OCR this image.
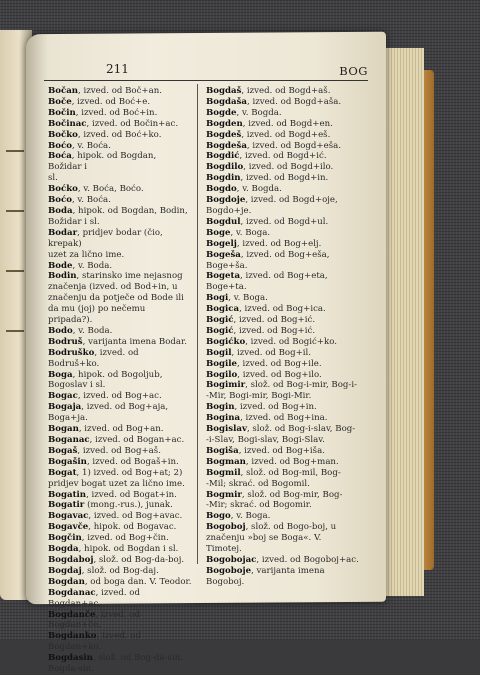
211	BOG
Bočan, izved. od Boč+an.
Boče, izved. od Boć+e.
Bočin, izved. od Boć+in.
Bočinac, izved. od Bočin+ac.
Bočko, izved. od Boć+ko.
Boćo, v. Boća.
Boća, hipok. od Bogdan, Božidar i
sl.
Boćko, v. Boća, Boćo.
Boćo, v. Boća.
Boda, hipok. od Bogdan, Bodin,
Božidar i sl.
Bodar, pridjev bodar (čio, krepak)
uzet za lično ime.
Bode, v. Boda.
Bodin, starinsko ime nejasnog
značenja (izved. od Bod+in, u
značenju da potječe od Bode ili
da mu (joj) po nečemu pripada?).
Bodo, v. Boda.
Bodruš, varijanta imena Bodar.
Bodruško, izved. od Bodruš+ko.
Boga, hipok. od Bogoljub,
Bogoslav i sl.
Bogac, izved. od Bog+ac.
Bogaja, izved. od Bog+aja,
Boga+ja.
Bogan, izved. od Bog+an.
Boganac, izved. od Bogan+ac.
Bogaš, izved. od Bog+aš.
Bogašin, izved. od Bogaš+in.
Bogat, 1) izved. od Bog+at; 2)
pridjev bogat uzet za lično ime.
Bogatin, izved. od Bogat+in.
Bogatir (mong.-rus.), junak.
Bogavac, izved. od Bog+avac.
Bogavče, hipok. od Bogavac.
Bogčin, izved. od Bog+čin.
Bogda, hipok. od Bogdan i sl.
Bogdaboj, slož. od Bog-da-boj.
Bogdaj, slož. od Bog-daj.
Bogdan, od boga dan. V. Teodor.
Bogdanac, izved. od Bogdan+ac.
Bogdanče, izved. od Bogdan+če.
Bogdanko, izved. od Bogdan+ko.
Bogdasin, slož. od Bog-da-sin,
Bogda-sin.
Bogdaš, izved. od Bogd+aš.
Bogdaša, izved. od Bogd+aša.
Bogde, v. Bogda.
Bogden, izved. od Bogd+en.
Bogdeš, izved. od Bogd+eš.
Bogdeša, izved. od Bogd+eša.
Bogdić, izved. od Bogd+ić.
Bogdilo, izved. od Bogd+ilo.
Bogdin, izved. od Bogd+in.
Bogdo, v. Bogda.
Bogdoje, izved. od Bogd+oje,
Bogdo+je.
Bogdul, izved. od Bogd+ul.
Boge, v. Boga.
Bogelj, izved. od Bog+elj.
Bogeša, izved. od Bog+eša,
Boge+ša.
Bogeta, izved. od Bog+eta,
Boge+ta.
Bogi, v. Boga.
Bogica, izved. od Bog+ica.
Bogić, izved. od Bog+ić.
Bogić, izved. od Bog+ić.
Bogićko, izved. od Bogić+ko.
Bogil, izved. od Bog+il.
Bogile, izved. od Bog+ile.
Bogilo, izved. od Bog+ilo.
Bogimir, slož. od Bog-i-mir, Bog-i-
-Mir, Bogi-mir, Bogi-Mir.
Bogin, izved. od Bog+in.
Bogina, izved. od Bog+ina.
Bogislav, slož. od Bog-i-slav, Bog-
-i-Slav, Bogi-slav, Bogi-Slav.
Bogiša, izved. od Bog+iša.
Bogman, izved. od Bog+man.
Bogmil, slož. od Bog-mil, Bog-
-Mil; skrać. od Bogomil.
Bogmir, slož. od Bog-mir, Bog-
-Mir; skrać. od Bogomir.
Bogo, v. Boga.
Bogoboj, slož. od Bogo-boj, u
značenju »boj se Boga«. V.
Timotej.
Bogobojac, izved. od Bogoboj+ac.
Bogoboje, varijanta imena
Bogoboj.
